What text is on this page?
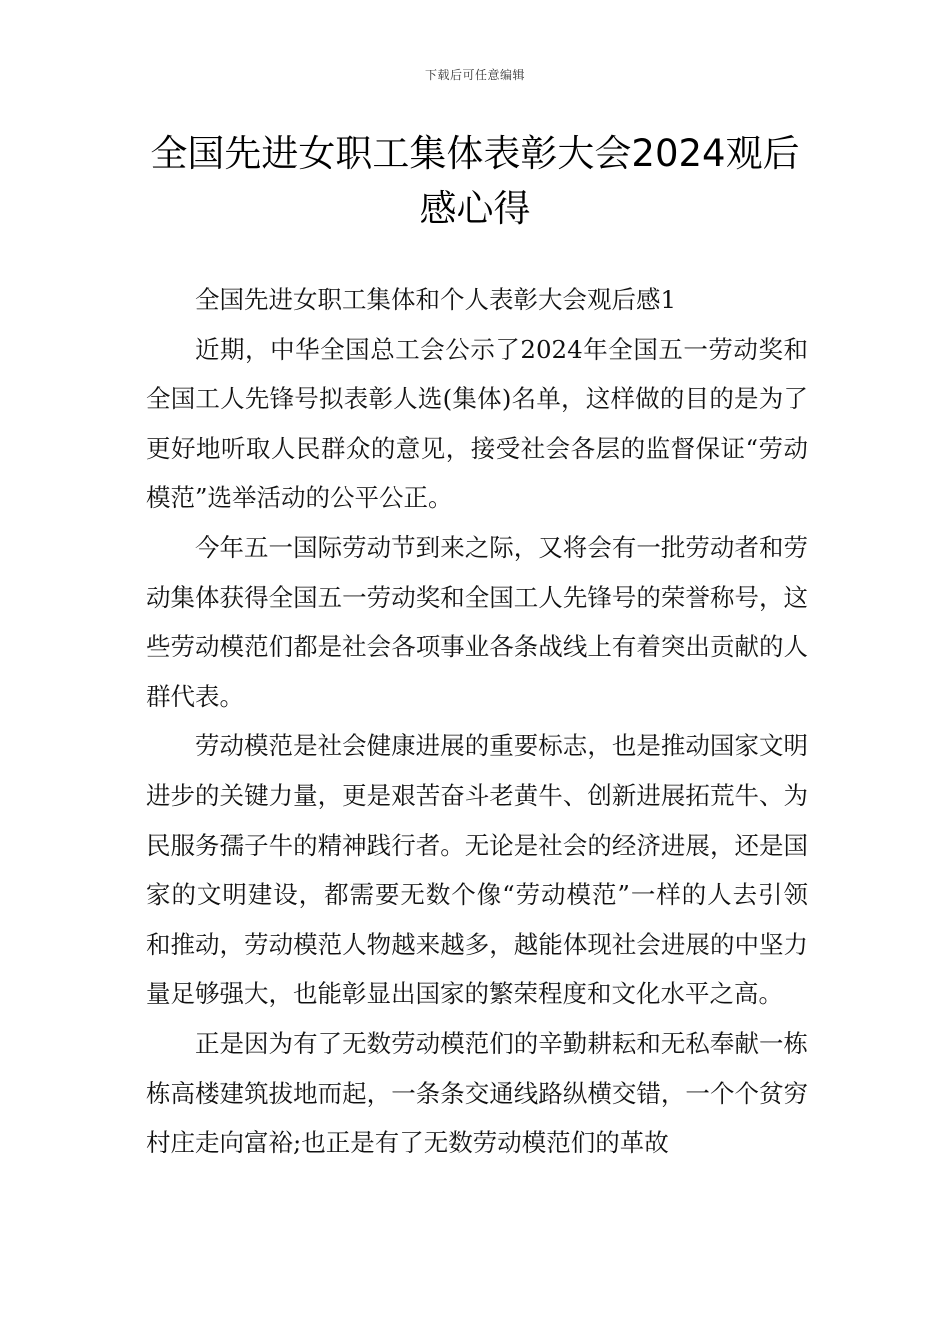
下载后可任意编辑
全国先进女职工集体表彰大会2024观后感心得

全国先进女职工集体和个人表彰大会观后感1

近期，中华全国总工会公示了2024年全国五一劳动奖和全国工人先锋号拟表彰人选(集体)名单，这样做的目的是为了更好地听取人民群众的意见，接受社会各层的监督保证“劳动模范”选举活动的公平公正。

今年五一国际劳动节到来之际，又将会有一批劳动者和劳动集体获得全国五一劳动奖和全国工人先锋号的荣誉称号，这些劳动模范们都是社会各项事业各条战线上有着突出贡献的人群代表。

劳动模范是社会健康进展的重要标志，也是推动国家文明进步的关键力量，更是艰苦奋斗老黄牛、创新进展拓荒牛、为民服务孺子牛的精神践行者。无论是社会的经济进展，还是国家的文明建设，都需要无数个像“劳动模范”一样的人去引领和推动，劳动模范人物越来越多，越能体现社会进展的中坚力量足够强大，也能彰显出国家的繁荣程度和文化水平之高。

正是因为有了无数劳动模范们的辛勤耕耘和无私奉献一栋栋高楼建筑拔地而起，一条条交通线路纵横交错，一个个贫穷村庄走向富裕;也正是有了无数劳动模范们的革故
